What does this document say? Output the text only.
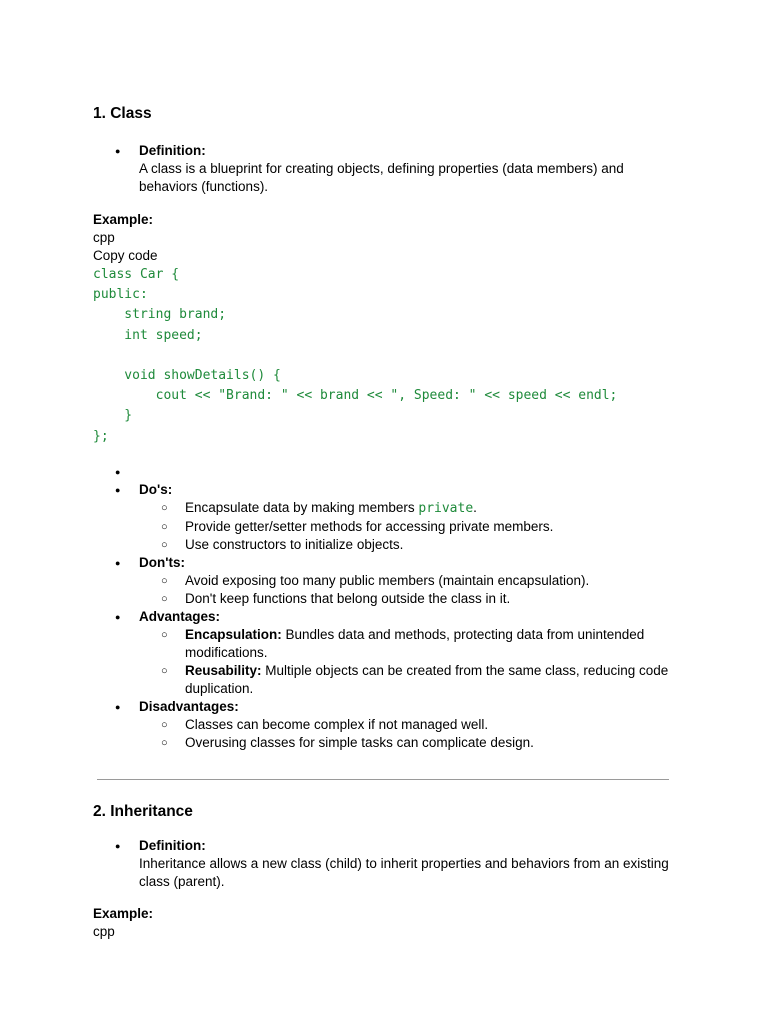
1. Class
● Definition:
A class is a blueprint for creating objects, defining properties (data members) and behaviors (functions).
Example:
cpp
Copy code
class Car {
public:
string brand;
int speed;

void showDetails() {
cout << "Brand: " << brand << ", Speed: " << speed << endl;
}
};
●
● Do's:
○ Encapsulate data by making members private.
○ Provide getter/setter methods for accessing private members.
○ Use constructors to initialize objects.
● Don'ts:
○ Avoid exposing too many public members (maintain encapsulation).
○ Don't keep functions that belong outside the class in it.
● Advantages:
○ Encapsulation: Bundles data and methods, protecting data from unintended modifications.
○ Reusability: Multiple objects can be created from the same class, reducing code duplication.
● Disadvantages:
○ Classes can become complex if not managed well.
○ Overusing classes for simple tasks can complicate design.
2. Inheritance
● Definition:
Inheritance allows a new class (child) to inherit properties and behaviors from an existing class (parent).
Example:
cpp
